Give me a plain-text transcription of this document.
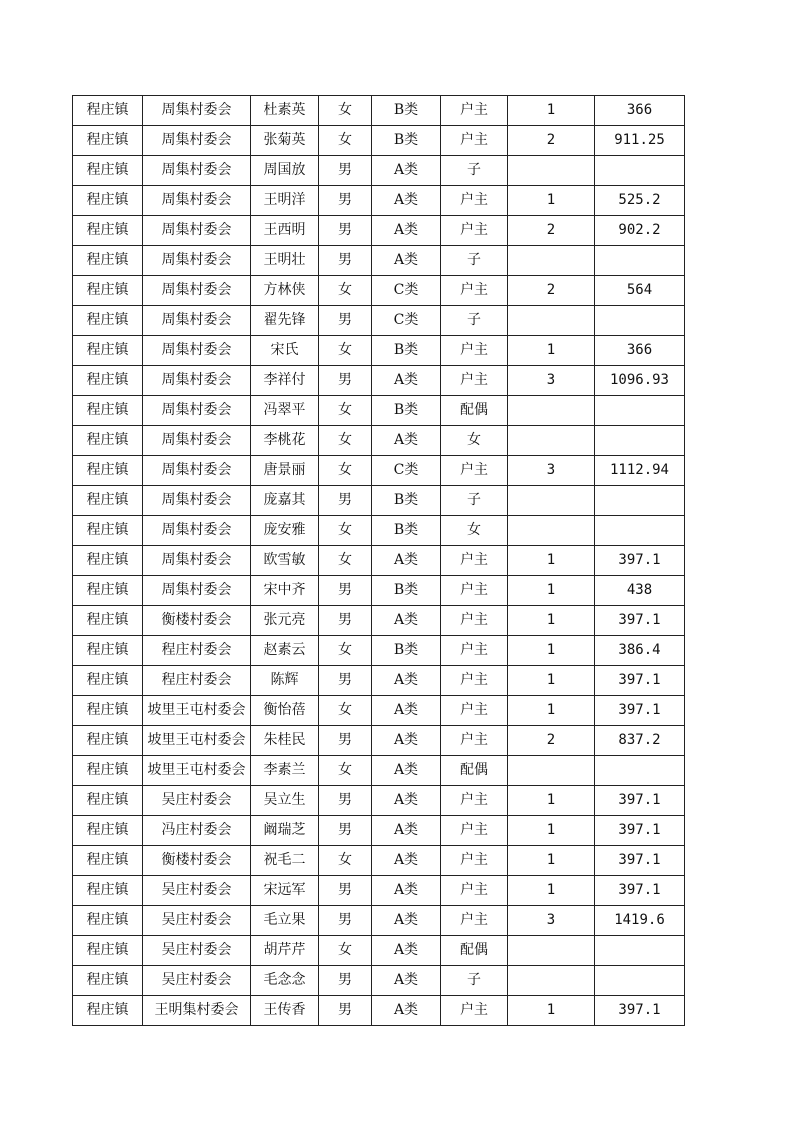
程庄镇	周集村委会	杜素英	女	B类	户主	1	366
程庄镇	周集村委会	张菊英	女	B类	户主	2	911.25
程庄镇	周集村委会	周国放	男	A类	子		
程庄镇	周集村委会	王明洋	男	A类	户主	1	525.2
程庄镇	周集村委会	王西明	男	A类	户主	2	902.2
程庄镇	周集村委会	王明壮	男	A类	子		
程庄镇	周集村委会	方林侠	女	C类	户主	2	564
程庄镇	周集村委会	翟先锋	男	C类	子		
程庄镇	周集村委会	宋氏	女	B类	户主	1	366
程庄镇	周集村委会	李祥付	男	A类	户主	3	1096.93
程庄镇	周集村委会	冯翠平	女	B类	配偶		
程庄镇	周集村委会	李桃花	女	A类	女		
程庄镇	周集村委会	唐景丽	女	C类	户主	3	1112.94
程庄镇	周集村委会	庞嘉其	男	B类	子		
程庄镇	周集村委会	庞安雅	女	B类	女		
程庄镇	周集村委会	欧雪敏	女	A类	户主	1	397.1
程庄镇	周集村委会	宋中齐	男	B类	户主	1	438
程庄镇	衡楼村委会	张元亮	男	A类	户主	1	397.1
程庄镇	程庄村委会	赵素云	女	B类	户主	1	386.4
程庄镇	程庄村委会	陈辉	男	A类	户主	1	397.1
程庄镇	坡里王屯村委会	衡怡蓓	女	A类	户主	1	397.1
程庄镇	坡里王屯村委会	朱桂民	男	A类	户主	2	837.2
程庄镇	坡里王屯村委会	李素兰	女	A类	配偶		
程庄镇	吴庄村委会	吴立生	男	A类	户主	1	397.1
程庄镇	冯庄村委会	阚瑞芝	男	A类	户主	1	397.1
程庄镇	衡楼村委会	祝毛二	女	A类	户主	1	397.1
程庄镇	吴庄村委会	宋远军	男	A类	户主	1	397.1
程庄镇	吴庄村委会	毛立果	男	A类	户主	3	1419.6
程庄镇	吴庄村委会	胡芹芹	女	A类	配偶		
程庄镇	吴庄村委会	毛念念	男	A类	子		
程庄镇	王明集村委会	王传香	男	A类	户主	1	397.1
